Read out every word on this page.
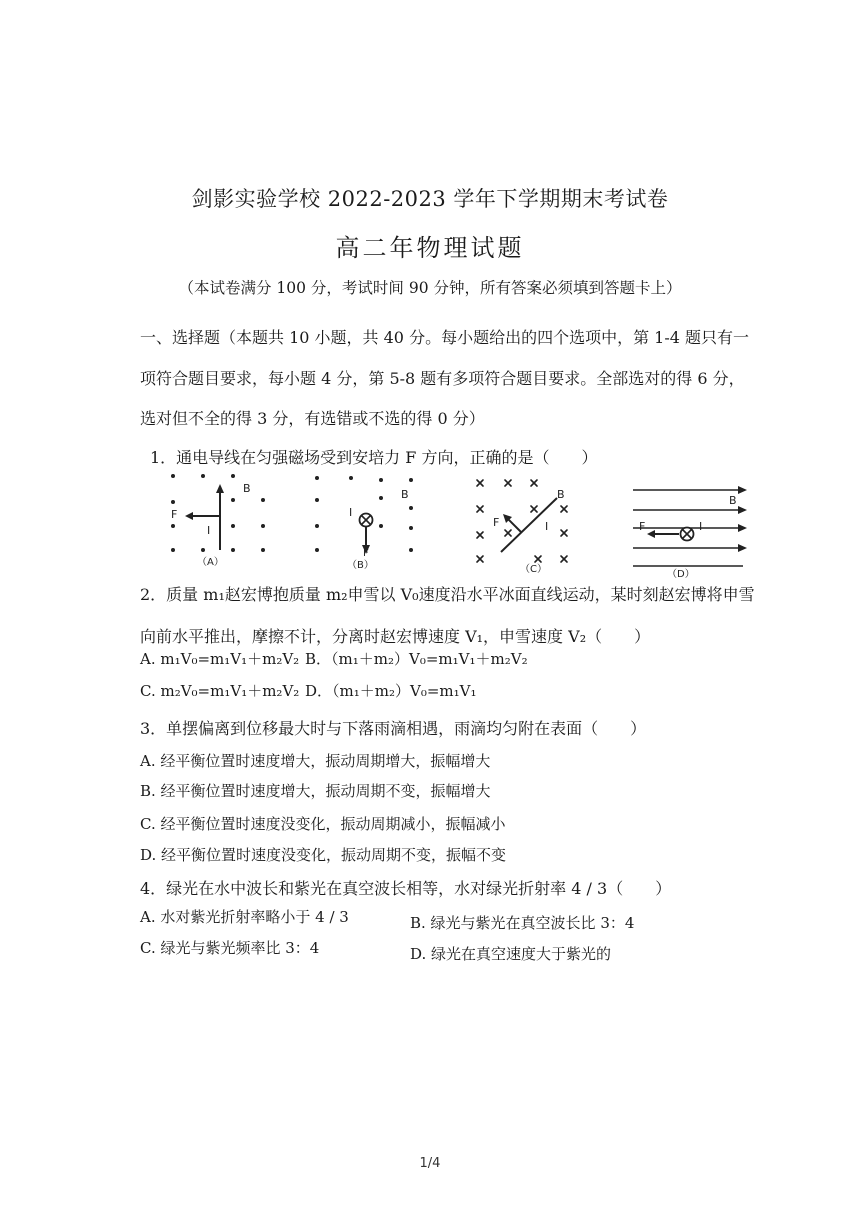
剑影实验学校 2022-2023 学年下学期期末考试卷
高二年物理试题
（本试卷满分 100 分，考试时间 90 分钟，所有答案必须填到答题卡上）
一、选择题（本题共 10 小题，共 40 分。每小题给出的四个选项中，第 1-4 题只有一
项符合题目要求，每小题 4 分，第 5-8 题有多项符合题目要求。全部选对的得 6 分，
选对但不全的得 3 分，有选错或不选的得 0 分）
1．通电导线在匀强磁场受到安培力 F 方向，正确的是（　　）
B
F
I
（A）
B
I
F
（B）
B
F	I
（C）
B
F	I
（D）
2．质量 m₁赵宏博抱质量 m₂申雪以 V₀速度沿水平冰面直线运动，某时刻赵宏博将申雪
向前水平推出，摩擦不计，分离时赵宏博速度 V₁，申雪速度 V₂（　　）
A. m₁V₀=m₁V₁＋m₂V₂ B．（m₁＋m₂）V₀=m₁V₁＋m₂V₂
C. m₂V₀=m₁V₁＋m₂V₂ D．（m₁＋m₂）V₀=m₁V₁
3．单摆偏离到位移最大时与下落雨滴相遇，雨滴均匀附在表面（　　）
A. 经平衡位置时速度增大，振动周期增大，振幅增大
B. 经平衡位置时速度增大，振动周期不变，振幅增大
C. 经平衡位置时速度没变化，振动周期减小，振幅减小
D. 经平衡位置时速度没变化，振动周期不变，振幅不变
4．绿光在水中波长和紫光在真空波长相等，水对绿光折射率 4 / 3（　　）
A. 水对紫光折射率略小于 4 / 3	B. 绿光与紫光在真空波长比 3：4
C. 绿光与紫光频率比 3：4	D. 绿光在真空速度大于紫光的
1/4
